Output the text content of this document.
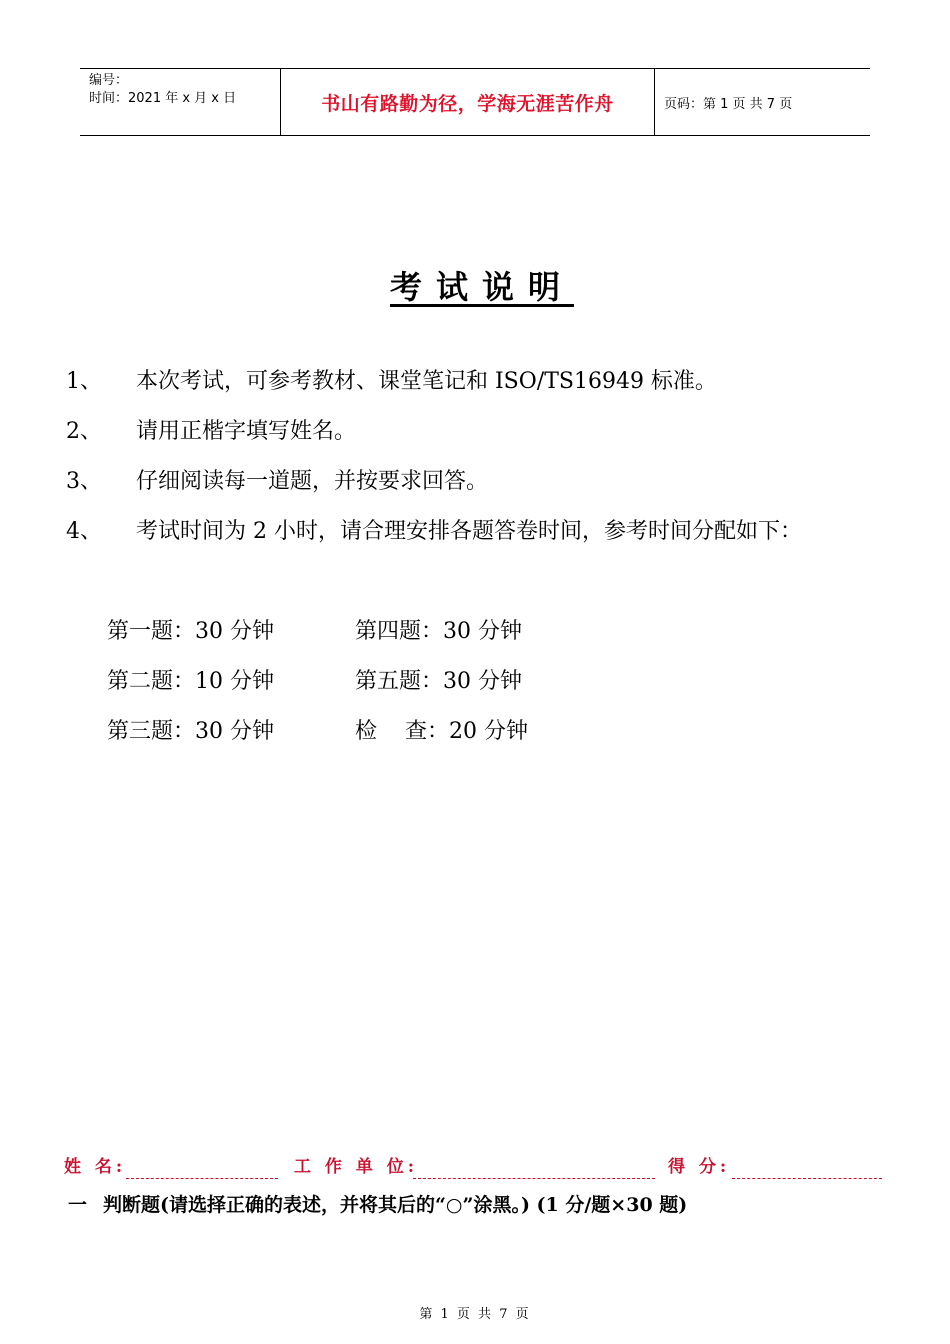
编号：
时间：2021 年 x 月 x 日	书山有路勤为径，学海无涯苦作舟	页码：第 1 页 共 7 页
考试说明
1、	本次考试，可参考教材、课堂笔记和 ISO/TS16949 标准。
2、	请用正楷字填写姓名。
3、	仔细阅读每一道题，并按要求回答。
4、	考试时间为 2 小时，请合理安排各题答卷时间，参考时间分配如下：
第一题：30 分钟	第四题：30 分钟
第二题：10 分钟	第五题：30 分钟
第三题：30 分钟	检    查：20 分钟
姓 名:	工 作 单 位:	得 分:
一 判断题(请选择正确的表述，并将其后的“○”涂黑。) (1 分/题×30 题)
第 1 页 共 7 页
